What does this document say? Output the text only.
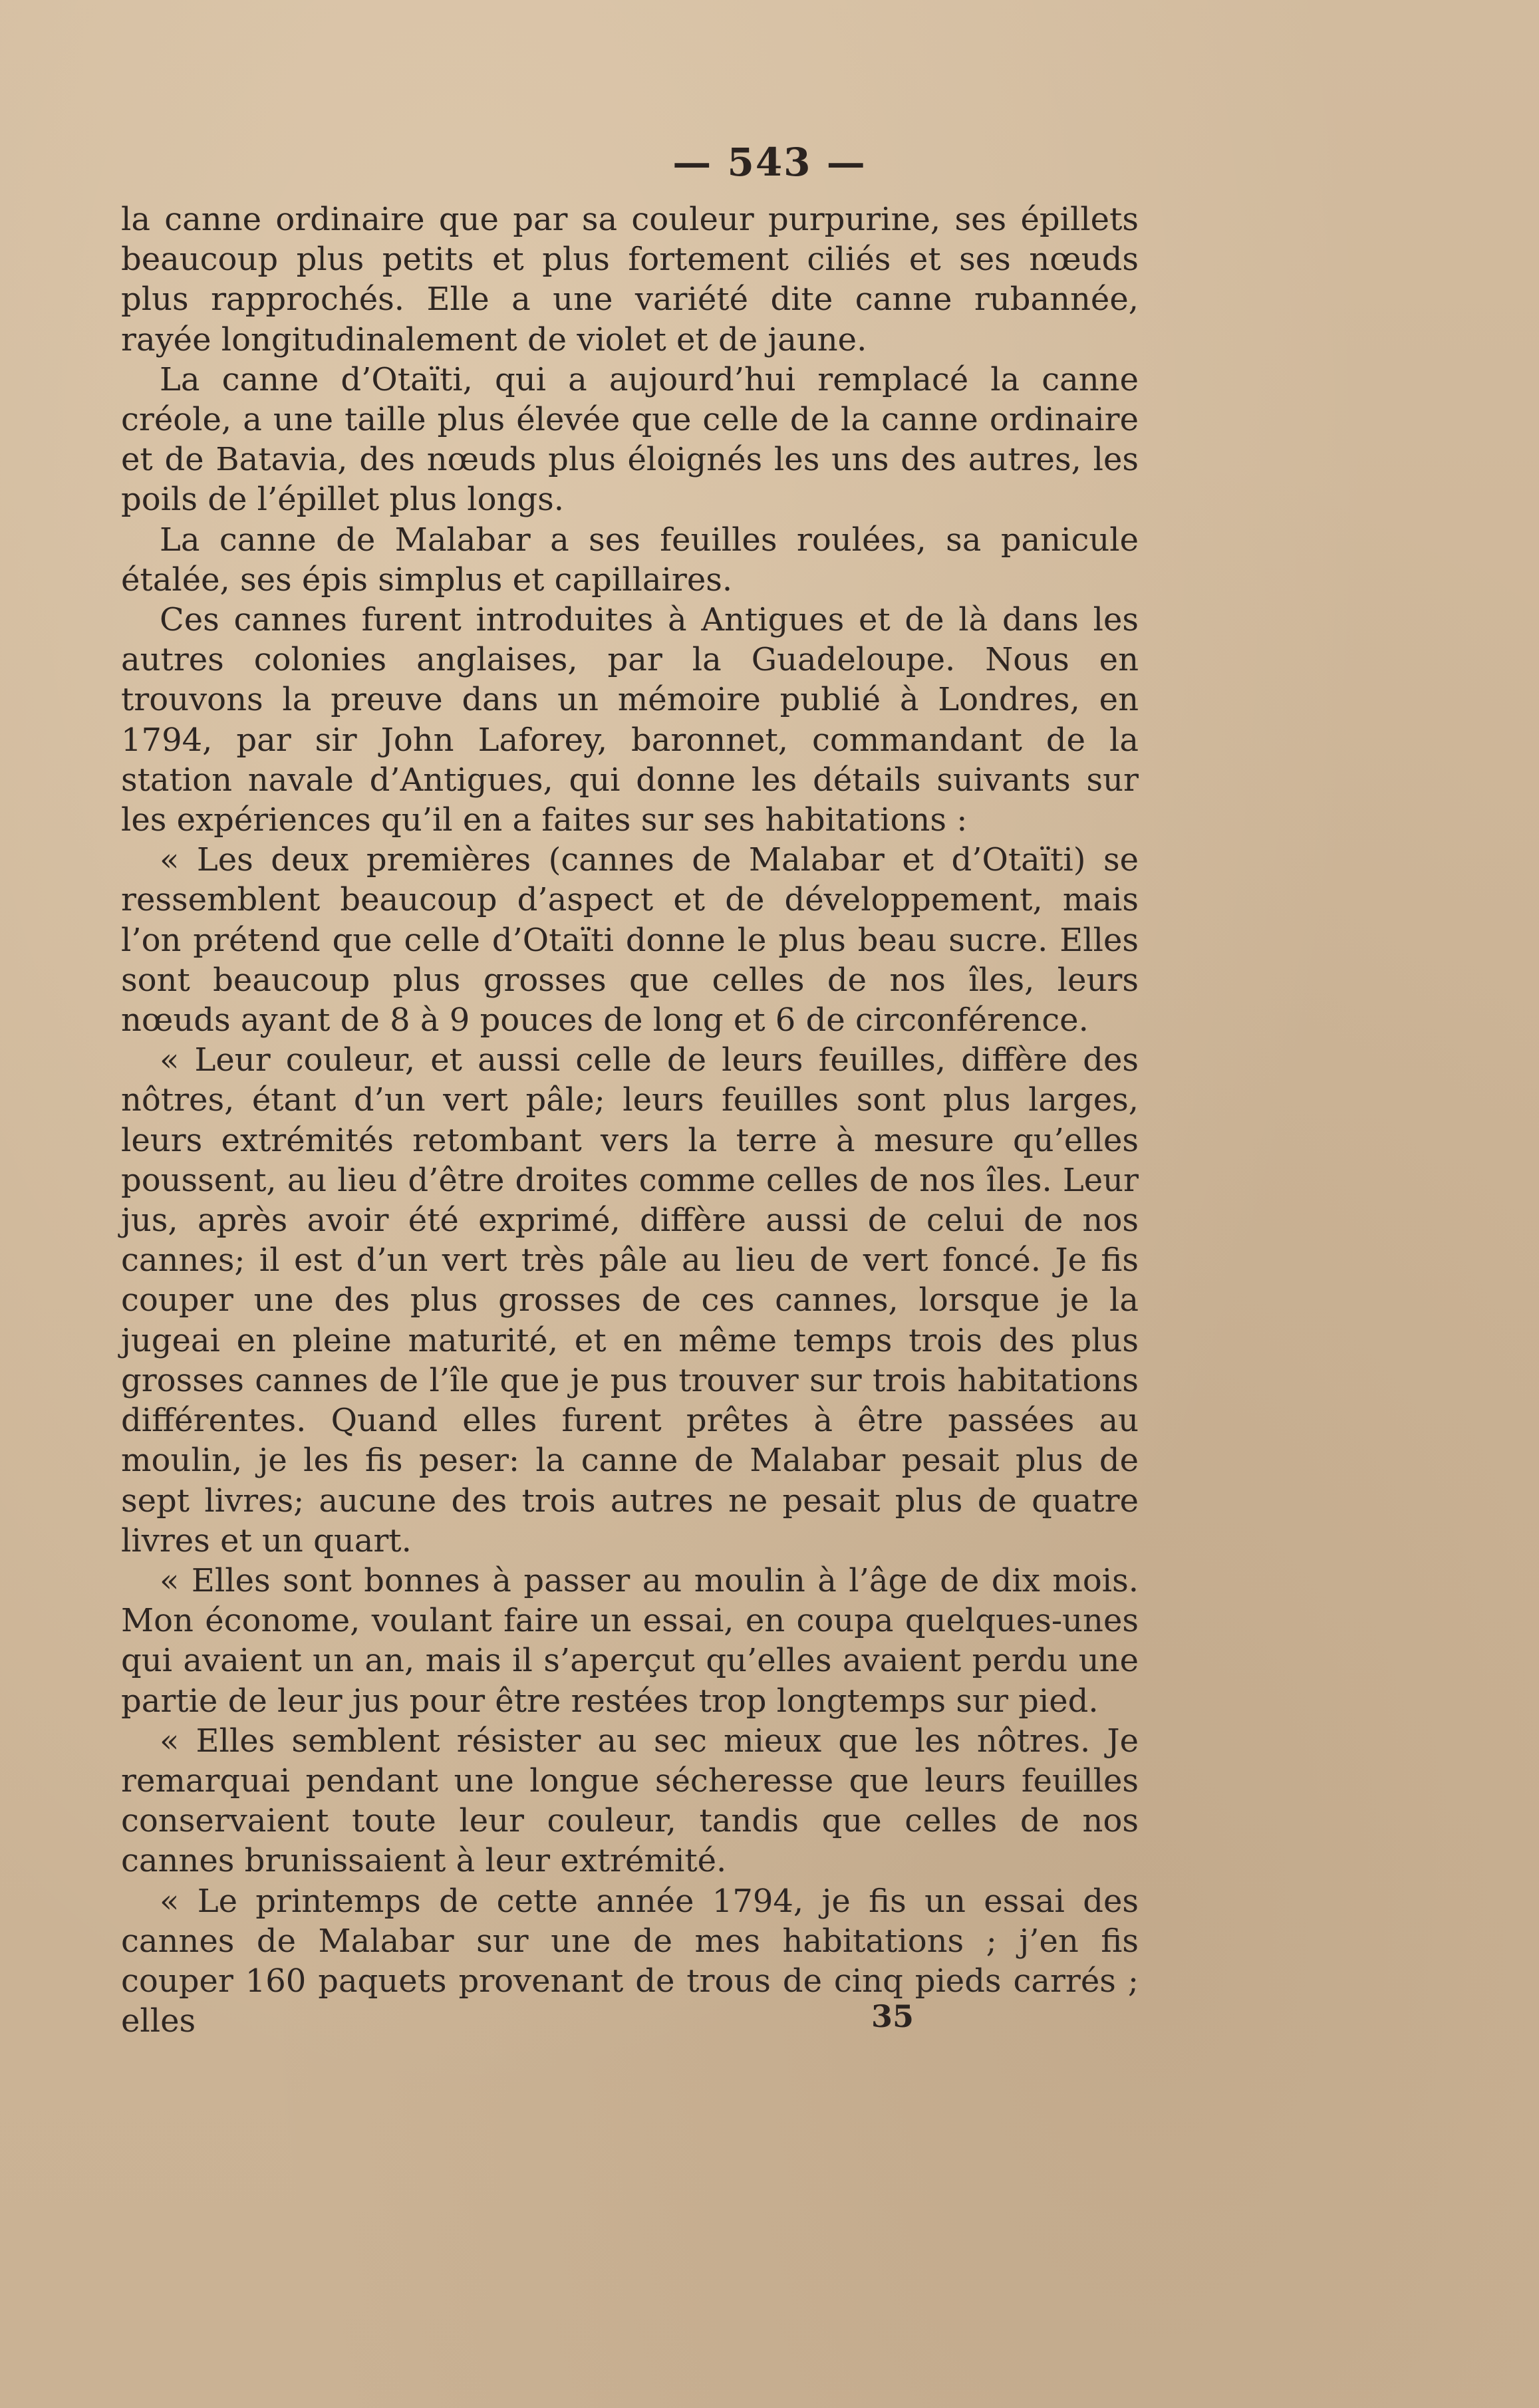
— 543 —

la canne ordinaire que par sa couleur purpurine, ses épillets beaucoup plus petits et plus fortement ciliés et ses nœuds plus rapprochés. Elle a une variété dite canne rubannée, rayée longitudinalement de violet et de jaune.

La canne d’Otaïti, qui a aujourd’hui remplacé la canne créole, a une taille plus élevée que celle de la canne ordinaire et de Batavia, des nœuds plus éloignés les uns des autres, les poils de l’épillet plus longs.

La canne de Malabar a ses feuilles roulées, sa panicule étalée, ses épis simplus et capillaires.

Ces cannes furent introduites à Antigues et de là dans les autres colonies anglaises, par la Guadeloupe. Nous en trouvons la preuve dans un mémoire publié à Londres, en 1794, par sir John Laforey, baronnet, commandant de la station navale d’Antigues, qui donne les détails suivants sur les expériences qu’il en a faites sur ses habitations :

« Les deux premières (cannes de Malabar et d’Otaïti) se ressemblent beaucoup d’aspect et de développement, mais l’on prétend que celle d’Otaïti donne le plus beau sucre. Elles sont beaucoup plus grosses que celles de nos îles, leurs nœuds ayant de 8 à 9 pouces de long et 6 de circonférence.

« Leur couleur, et aussi celle de leurs feuilles, diffère des nôtres, étant d’un vert pâle; leurs feuilles sont plus larges, leurs extrémités retombant vers la terre à mesure qu’elles poussent, au lieu d’être droites comme celles de nos îles. Leur jus, après avoir été exprimé, diffère aussi de celui de nos cannes; il est d’un vert très pâle au lieu de vert foncé. Je fis couper une des plus grosses de ces cannes, lorsque je la jugeai en pleine maturité, et en même temps trois des plus grosses cannes de l’île que je pus trouver sur trois habitations différentes. Quand elles furent prêtes à être passées au moulin, je les fis peser: la canne de Malabar pesait plus de sept livres; aucune des trois autres ne pesait plus de quatre livres et un quart.

« Elles sont bonnes à passer au moulin à l’âge de dix mois. Mon économe, voulant faire un essai, en coupa quelques-unes qui avaient un an, mais il s’aperçut qu’elles avaient perdu une partie de leur jus pour être restées trop longtemps sur pied.

« Elles semblent résister au sec mieux que les nôtres. Je remarquai pendant une longue sécheresse que leurs feuilles conservaient toute leur couleur, tandis que celles de nos cannes brunissaient à leur extrémité.

« Le printemps de cette année 1794, je fis un essai des cannes de Malabar sur une de mes habitations ; j’en fis couper 160 paquets provenant de trous de cinq pieds carrés ; elles	35
